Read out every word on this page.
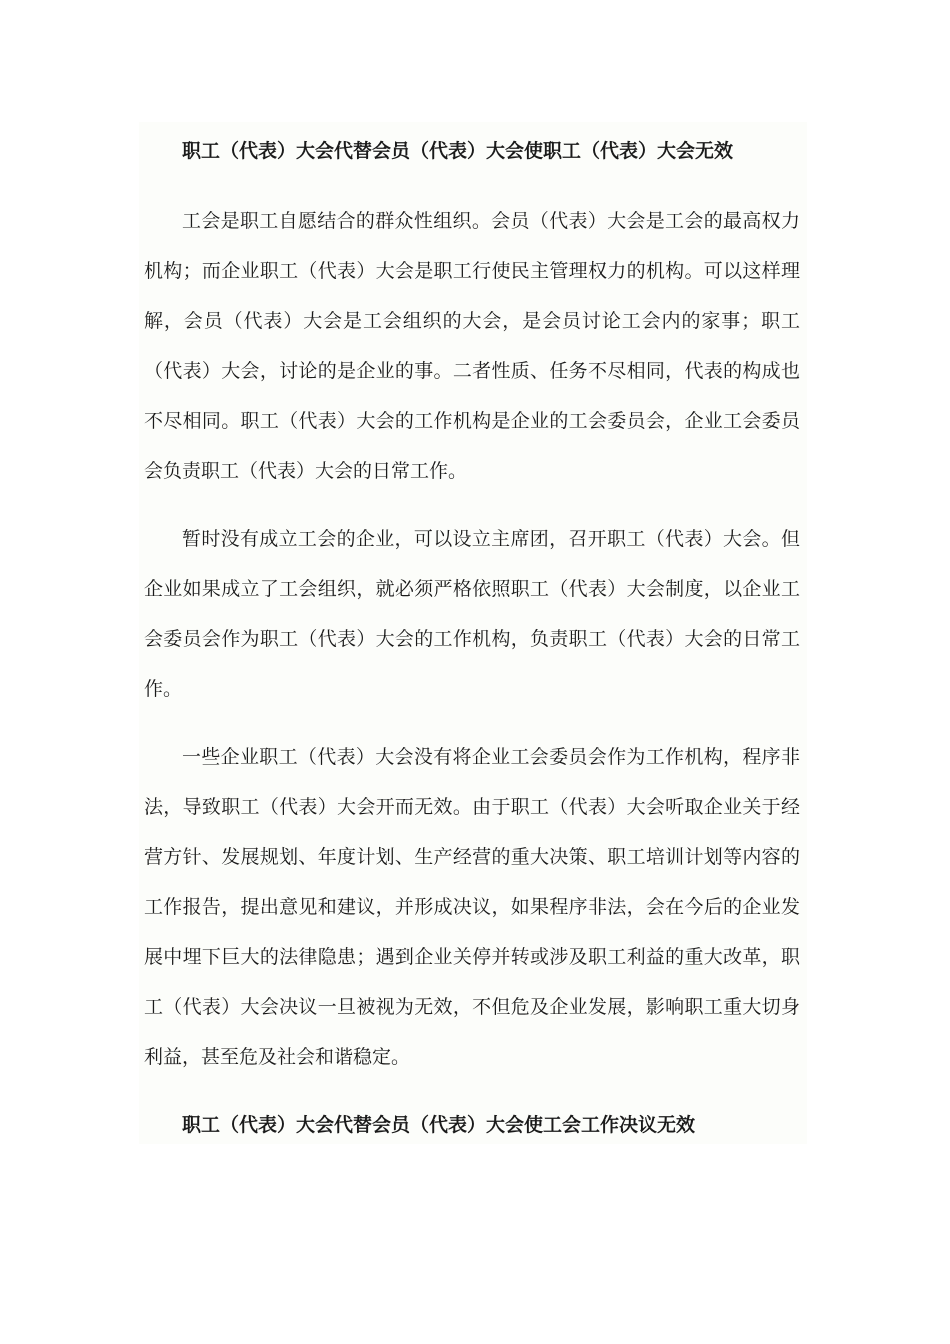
职工（代表）大会代替会员（代表）大会使职工（代表）大会无效

工会是职工自愿结合的群众性组织。会员（代表）大会是工会的最高权力机构；而企业职工（代表）大会是职工行使民主管理权力的机构。可以这样理解，会员（代表）大会是工会组织的大会，是会员讨论工会内的家事；职工（代表）大会，讨论的是企业的事。二者性质、任务不尽相同，代表的构成也不尽相同。职工（代表）大会的工作机构是企业的工会委员会，企业工会委员会负责职工（代表）大会的日常工作。

暂时没有成立工会的企业，可以设立主席团，召开职工（代表）大会。但企业如果成立了工会组织，就必须严格依照职工（代表）大会制度，以企业工会委员会作为职工（代表）大会的工作机构，负责职工（代表）大会的日常工作。

一些企业职工（代表）大会没有将企业工会委员会作为工作机构，程序非法，导致职工（代表）大会开而无效。由于职工（代表）大会听取企业关于经营方针、发展规划、年度计划、生产经营的重大决策、职工培训计划等内容的工作报告，提出意见和建议，并形成决议，如果程序非法，会在今后的企业发展中埋下巨大的法律隐患；遇到企业关停并转或涉及职工利益的重大改革，职工（代表）大会决议一旦被视为无效，不但危及企业发展，影响职工重大切身利益，甚至危及社会和谐稳定。

职工（代表）大会代替会员（代表）大会使工会工作决议无效
